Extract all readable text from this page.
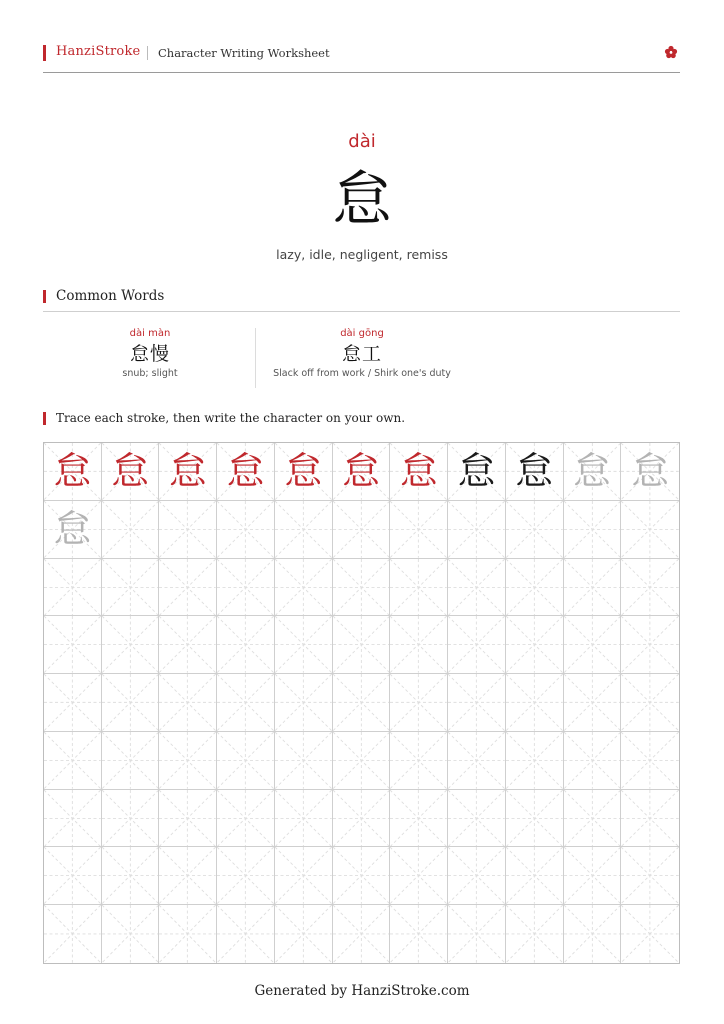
HanziStroke Character Writing Worksheet
dài
怠
lazy, idle, negligent, remiss
Common Words
dài màn
怠慢
snub; slight
dài gōng
怠工
Slack off from work / Shirk one's duty
Trace each stroke, then write the character on your own.
怠 怠 怠 怠 怠 怠 怠 怠 怠 怠 怠
怠
Generated by HanziStroke.com
